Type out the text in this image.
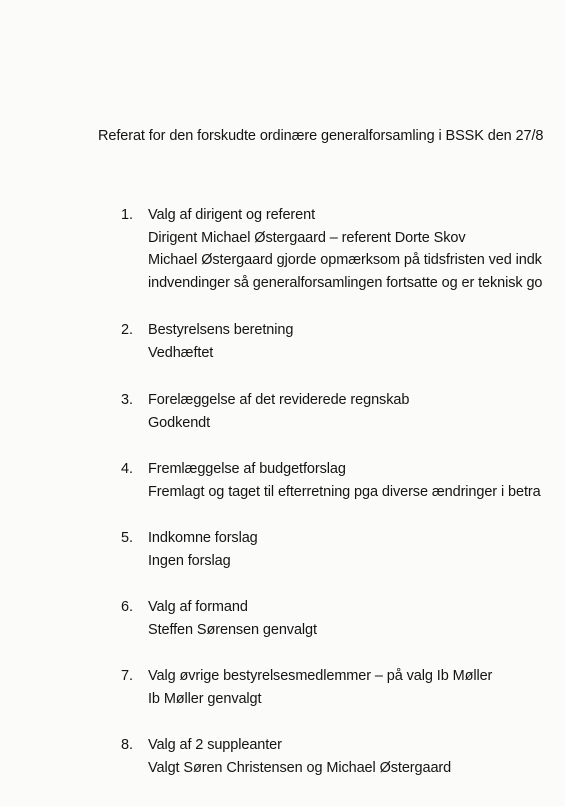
Referat for den forskudte ordinære generalforsamling i BSSK den 27/8
1.	Valg af dirigent og referent
Dirigent Michael Østergaard – referent Dorte Skov
Michael Østergaard gjorde opmærksom på tidsfristen ved indk
indvendinger så generalforsamlingen fortsatte og er teknisk go
2.	Bestyrelsens beretning
Vedhæftet
3.	Forelæggelse af det reviderede regnskab
Godkendt
4.	Fremlæggelse af budgetforslag
Fremlagt og taget til efterretning pga diverse ændringer i betra
5.	Indkomne forslag
Ingen forslag
6.	Valg af formand
Steffen Sørensen genvalgt
7.	Valg øvrige bestyrelsesmedlemmer – på valg Ib Møller
Ib Møller genvalgt
8.	Valg af 2 suppleanter
Valgt Søren Christensen og Michael Østergaard
